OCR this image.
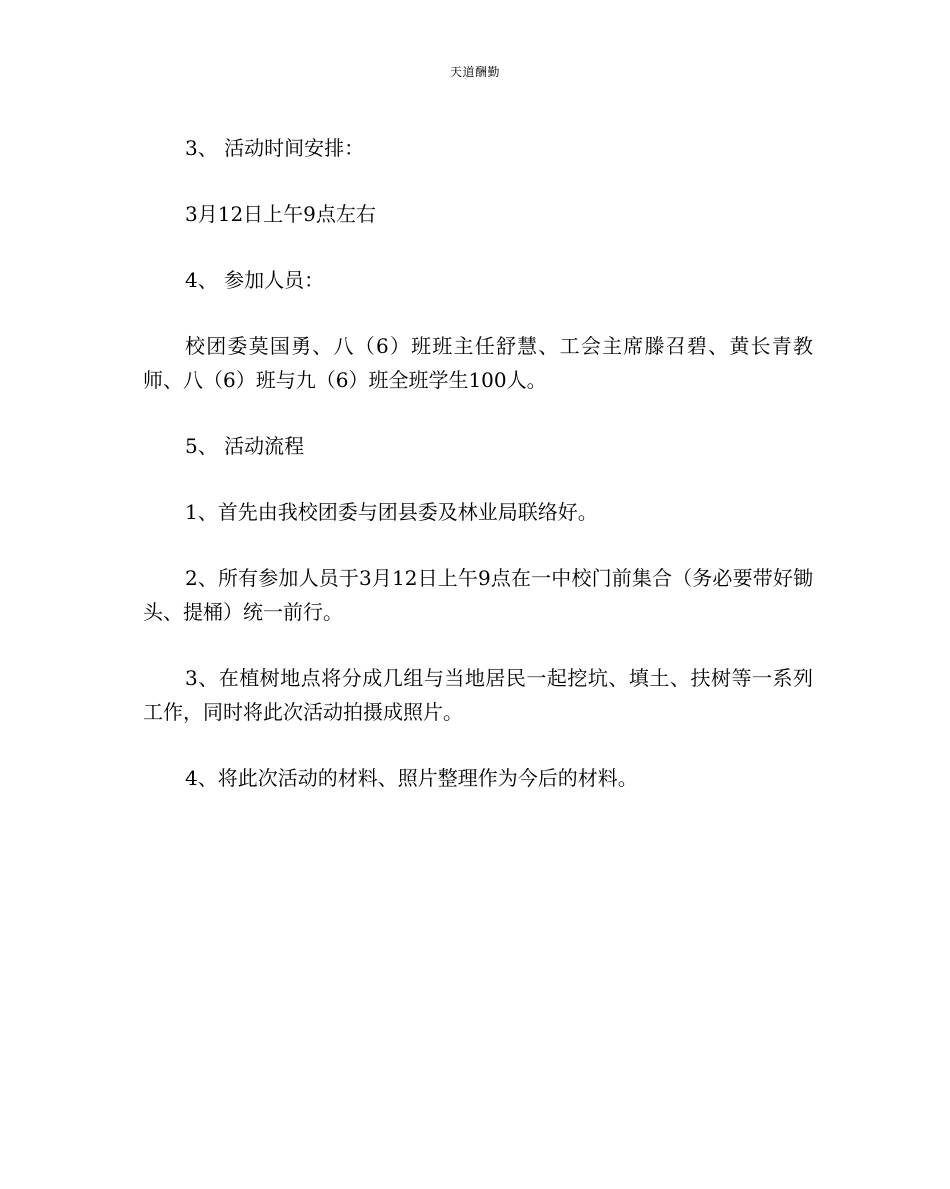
天道酬勤

3、 活动时间安排：

3月12日上午9点左右

4、 参加人员：

校团委莫国勇、八（6）班班主任舒慧、工会主席滕召碧、黄长青教师、八（6）班与九（6）班全班学生100人。

5、 活动流程

1、首先由我校团委与团县委及林业局联络好。

2、所有参加人员于3月12日上午9点在一中校门前集合（务必要带好锄头、提桶）统一前行。

3、在植树地点将分成几组与当地居民一起挖坑、填土、扶树等一系列工作，同时将此次活动拍摄成照片。

4、将此次活动的材料、照片整理作为今后的材料。
